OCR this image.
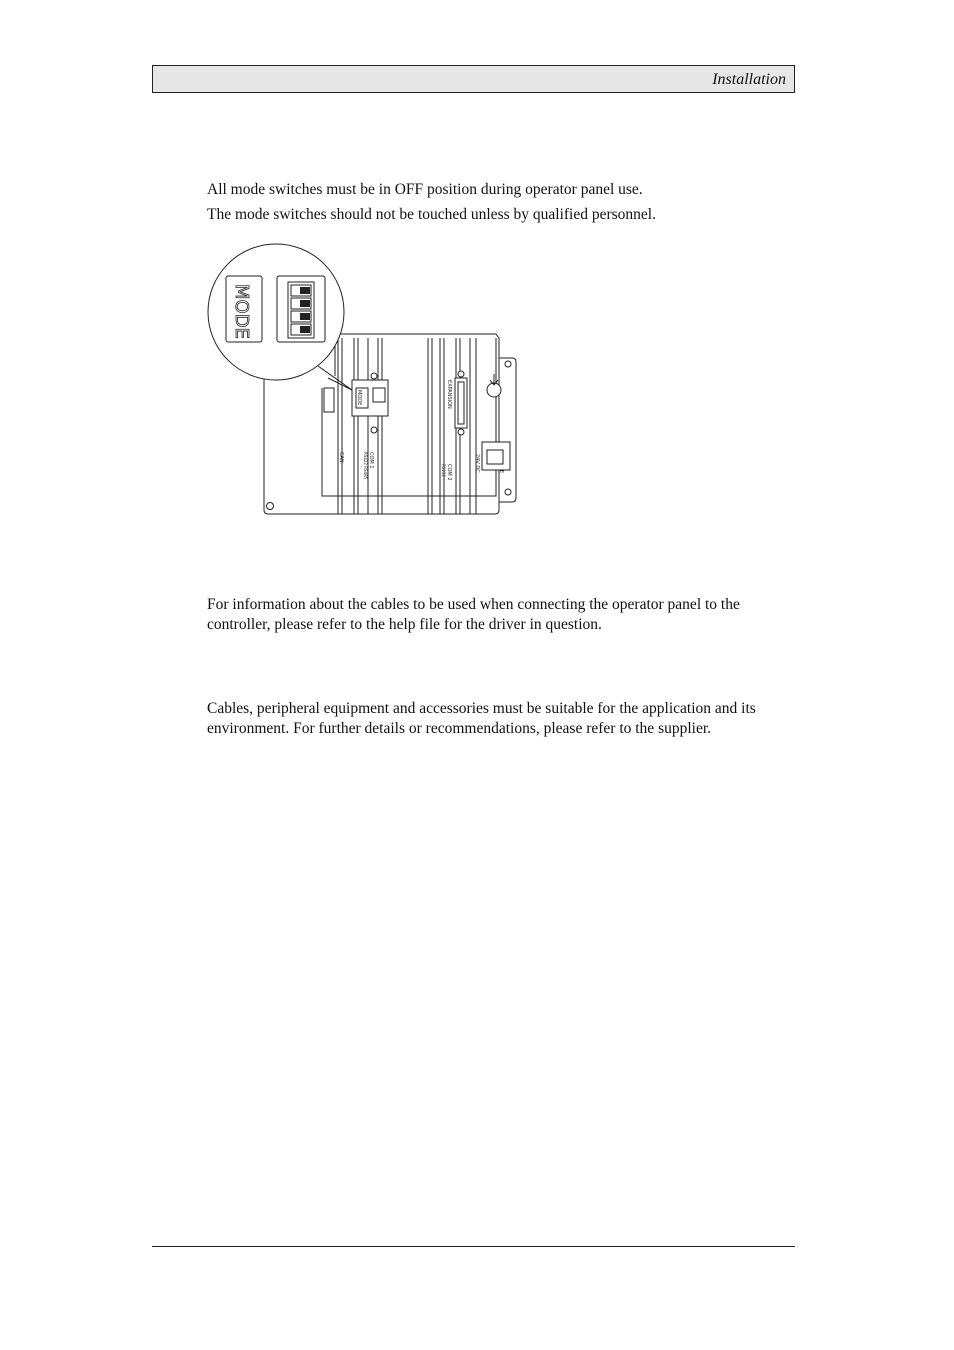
Installation
All mode switches must be in OFF position during operator panel use.
The mode switches should not be touched unless by qualified personnel.
MODE
MODE	EXPANSION
COM 1
RS422 RS485	COM 2
RS232	24V DC
CAN
E

For information about the cables to be used when connecting the operator panel to the controller, please refer to the help file for the driver in question.

Cables, peripheral equipment and accessories must be suitable for the application and its environment. For further details or recommendations, please refer to the supplier.
